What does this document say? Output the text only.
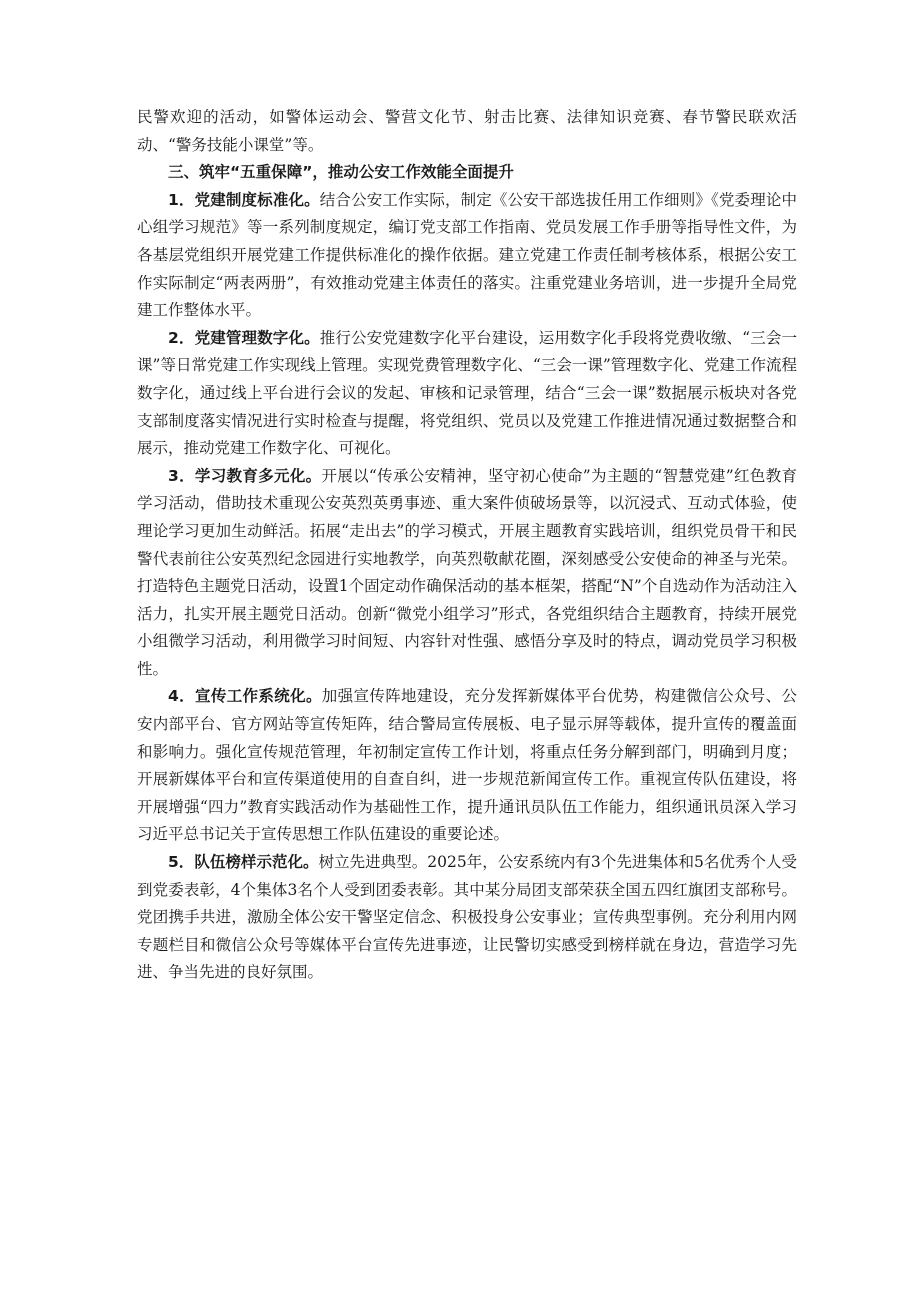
民警欢迎的活动，如警体运动会、警营文化节、射击比赛、法律知识竞赛、春节警民联欢活动、“警务技能小课堂”等。

三、筑牢“五重保障”，推动公安工作效能全面提升

1．党建制度标准化。结合公安工作实际，制定《公安干部选拔任用工作细则》《党委理论中心组学习规范》等一系列制度规定，编订党支部工作指南、党员发展工作手册等指导性文件，为各基层党组织开展党建工作提供标准化的操作依据。建立党建工作责任制考核体系，根据公安工作实际制定“两表两册”，有效推动党建主体责任的落实。注重党建业务培训，进一步提升全局党建工作整体水平。

2．党建管理数字化。推行公安党建数字化平台建设，运用数字化手段将党费收缴、“三会一课”等日常党建工作实现线上管理。实现党费管理数字化、“三会一课”管理数字化、党建工作流程数字化，通过线上平台进行会议的发起、审核和记录管理，结合“三会一课”数据展示板块对各党支部制度落实情况进行实时检查与提醒，将党组织、党员以及党建工作推进情况通过数据整合和展示，推动党建工作数字化、可视化。

3．学习教育多元化。开展以“传承公安精神，坚守初心使命”为主题的“智慧党建”红色教育学习活动，借助技术重现公安英烈英勇事迹、重大案件侦破场景等，以沉浸式、互动式体验，使理论学习更加生动鲜活。拓展“走出去”的学习模式，开展主题教育实践培训，组织党员骨干和民警代表前往公安英烈纪念园进行实地教学，向英烈敬献花圈，深刻感受公安使命的神圣与光荣。打造特色主题党日活动，设置1个固定动作确保活动的基本框架，搭配“N”个自选动作为活动注入活力，扎实开展主题党日活动。创新“微党小组学习”形式，各党组织结合主题教育，持续开展党小组微学习活动，利用微学习时间短、内容针对性强、感悟分享及时的特点，调动党员学习积极性。

4．宣传工作系统化。加强宣传阵地建设，充分发挥新媒体平台优势，构建微信公众号、公安内部平台、官方网站等宣传矩阵，结合警局宣传展板、电子显示屏等载体，提升宣传的覆盖面和影响力。强化宣传规范管理，年初制定宣传工作计划，将重点任务分解到部门，明确到月度；开展新媒体平台和宣传渠道使用的自查自纠，进一步规范新闻宣传工作。重视宣传队伍建设，将开展增强“四力”教育实践活动作为基础性工作，提升通讯员队伍工作能力，组织通讯员深入学习习近平总书记关于宣传思想工作队伍建设的重要论述。

5．队伍榜样示范化。树立先进典型。2025年，公安系统内有3个先进集体和5名优秀个人受到党委表彰，4个集体3名个人受到团委表彰。其中某分局团支部荣获全国五四红旗团支部称号。党团携手共进，激励全体公安干警坚定信念、积极投身公安事业；宣传典型事例。充分利用内网专题栏目和微信公众号等媒体平台宣传先进事迹，让民警切实感受到榜样就在身边，营造学习先进、争当先进的良好氛围。
